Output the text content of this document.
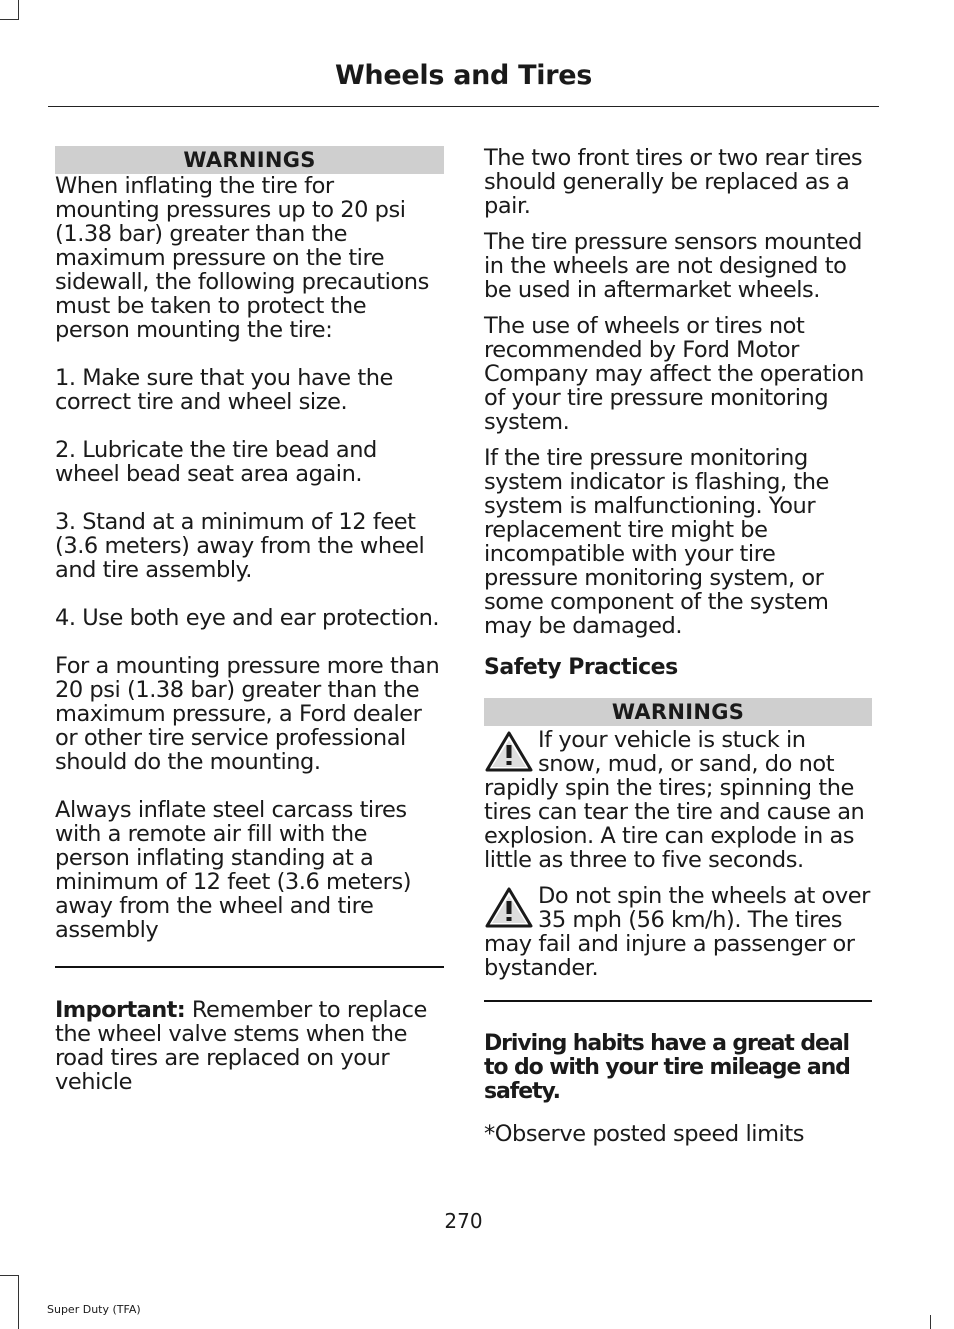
Wheels and Tires
WARNINGS

When inflating the tire for mounting pressures up to 20 psi (1.38 bar) greater than the maximum pressure on the tire sidewall, the following precautions must be taken to protect the person mounting the tire:

1. Make sure that you have the correct tire and wheel size.

2. Lubricate the tire bead and wheel bead seat area again.

3. Stand at a minimum of 12 feet (3.6 meters) away from the wheel and tire assembly.

4. Use both eye and ear protection.

For a mounting pressure more than 20 psi (1.38 bar) greater than the maximum pressure, a Ford dealer or other tire service professional should do the mounting.

Always inflate steel carcass tires with a remote air fill with the person inflating standing at a minimum of 12 feet (3.6 meters) away from the wheel and tire assembly

Important: Remember to replace the wheel valve stems when the road tires are replaced on your vehicle

The two front tires or two rear tires should generally be replaced as a pair.

The tire pressure sensors mounted in the wheels are not designed to be used in aftermarket wheels.

The use of wheels or tires not recommended by Ford Motor Company may affect the operation of your tire pressure monitoring system.

If the tire pressure monitoring system indicator is flashing, the system is malfunctioning. Your replacement tire might be incompatible with your tire pressure monitoring system, or some component of the system may be damaged.

Safety Practices
WARNINGS
If your vehicle is stuck in snow, mud, or sand, do not rapidly spin the tires; spinning the tires can tear the tire and cause an explosion. A tire can explode in as little as three to five seconds.
Do not spin the wheels at over 35 mph (56 km/h). The tires may fail and injure a passenger or bystander.
Driving habits have a great deal to do with your tire mileage and safety.

*Observe posted speed limits

270
Super Duty (TFA)
